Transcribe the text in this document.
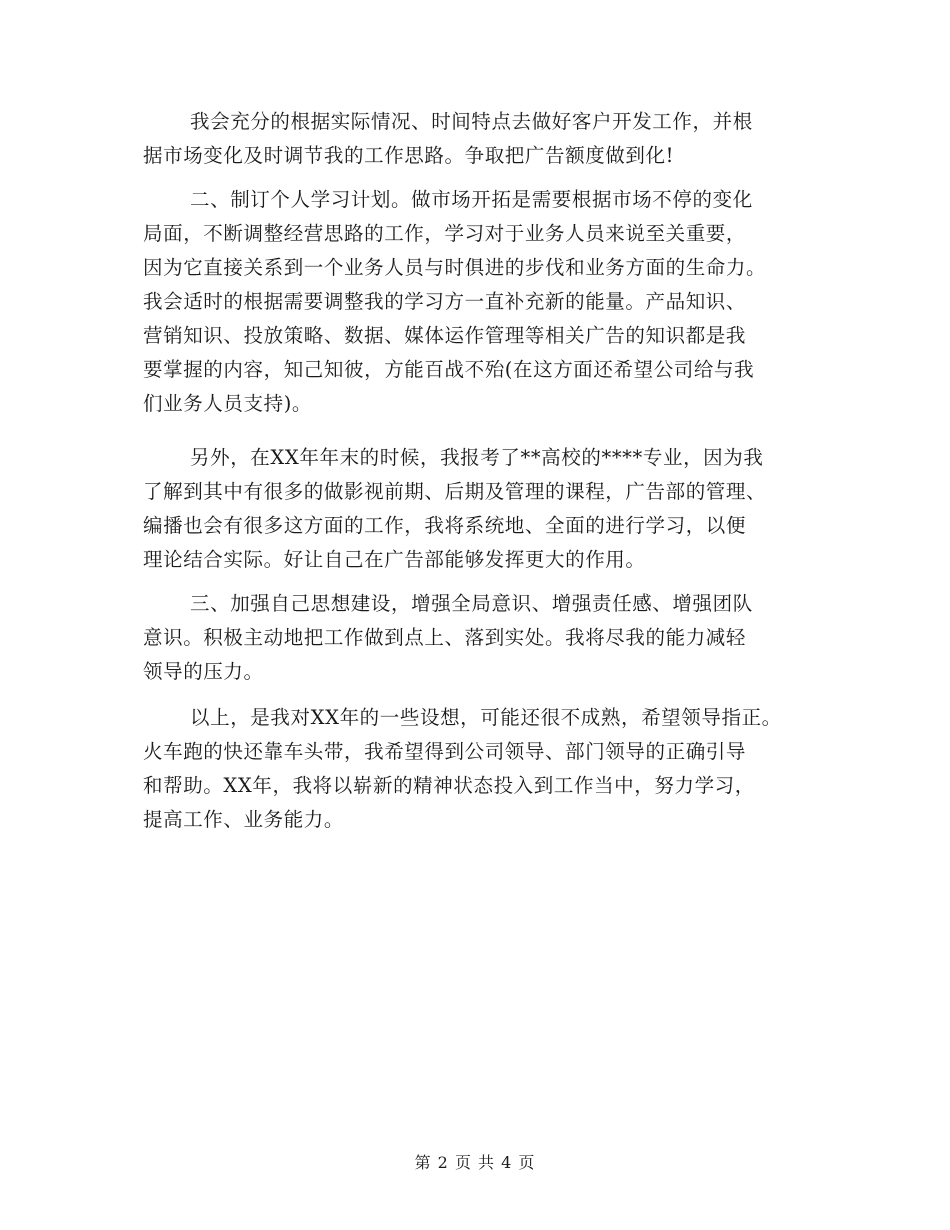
我会充分的根据实际情况、时间特点去做好客户开发工作，并根
据市场变化及时调节我的工作思路。争取把广告额度做到化!
二、制订个人学习计划。做市场开拓是需要根据市场不停的变化
局面，不断调整经营思路的工作，学习对于业务人员来说至关重要，
因为它直接关系到一个业务人员与时俱进的步伐和业务方面的生命力。
我会适时的根据需要调整我的学习方一直补充新的能量。产品知识、
营销知识、投放策略、数据、媒体运作管理等相关广告的知识都是我
要掌握的内容，知己知彼，方能百战不殆(在这方面还希望公司给与我
们业务人员支持)。
另外，在XX年年末的时候，我报考了**高校的****专业，因为我
了解到其中有很多的做影视前期、后期及管理的课程，广告部的管理、
编播也会有很多这方面的工作，我将系统地、全面的进行学习，以便
理论结合实际。好让自己在广告部能够发挥更大的作用。
三、加强自己思想建设，增强全局意识、增强责任感、增强团队
意识。积极主动地把工作做到点上、落到实处。我将尽我的能力减轻
领导的压力。
以上，是我对XX年的一些设想，可能还很不成熟，希望领导指正。
火车跑的快还靠车头带，我希望得到公司领导、部门领导的正确引导
和帮助。XX年，我将以崭新的精神状态投入到工作当中，努力学习，
提高工作、业务能力。
第 2 页 共 4 页
